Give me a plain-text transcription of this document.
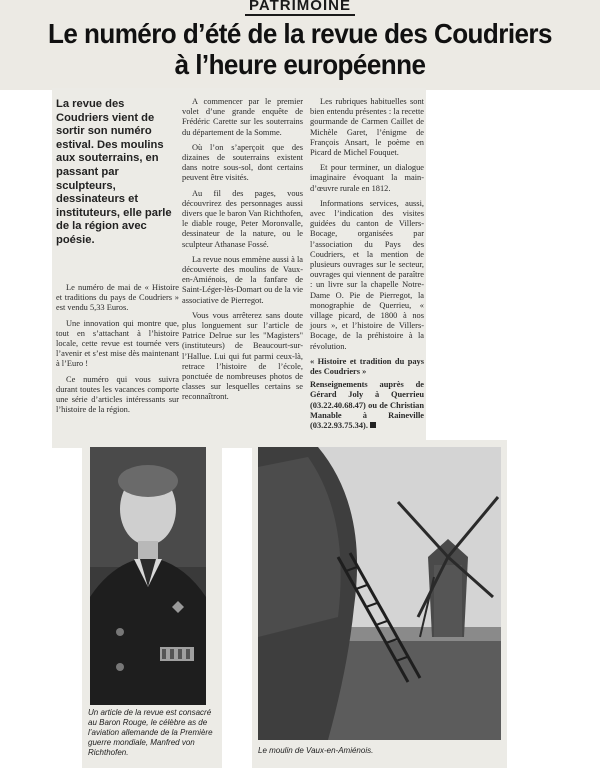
PATRIMOINE
Le numéro d’été de la revue des Coudriers
à l’heure européenne
La revue des Coudriers vient de sortir son numéro estival. Des moulins aux souterrains, en passant par sculpteurs, dessinateurs et instituteurs, elle parle de la région avec poésie.

Le numéro de mai de « Histoire et traditions du pays de Coudriers » est vendu 5,33 Euros.

Une innovation qui montre que, tout en s’attachant à l’histoire locale, cette revue est tournée vers l’avenir et s’est mise dès maintenant à l’Euro !

Ce numéro qui vous suivra durant toutes les vacances comporte une série d’articles intéressants sur l’histoire de la région.

A commencer par le premier volet d’une grande enquête de Frédéric Carette sur les souterrains du département de la Somme.

Où l’on s’aperçoit que des dizaines de souterrains existent dans notre sous-sol, dont certains peuvent être visités.

Au fil des pages, vous découvrirez des personnages aussi divers que le baron Van Richthofen, le diable rouge, Peter Moronvalle, dessinateur de la nature, ou le sculpteur Athanase Fossé.

La revue nous emmène aussi à la découverte des moulins de Vaux-en-Amiénois, de la fanfare de Saint-Léger-lès-Domart ou de la vie associative de Pierregot.

Vous vous arrêterez sans doute plus longuement sur l’article de Patrice Delrue sur les "Magisters" (instituteurs) de Beaucourt-sur-l’Hallue. Lui qui fut parmi ceux-là, retrace l’histoire de l’école, ponctuée de nombreuses photos de classes sur lesquelles certains se reconnaîtront.

Les rubriques habituelles sont bien entendu présentes : la recette gourmande de Carmen Caillet de Michèle Garet, l’énigme de François Ansart, le poème en Picard de Michel Fouquet.

Et pour terminer, un dialogue imaginaire évoquant la main-d’œuvre rurale en 1812.

Informations services, aussi, avec l’indication des visites guidées du canton de Villers-Bocage, organisées par l’association du Pays des Coudriers, et la mention de plusieurs ouvrages sur le secteur, ouvrages qui viennent de paraître : un livre sur la chapelle Notre-Dame O. Pie de Pierregot, la monographie de Querrieu, « village picard, de 1800 à nos jours », et l’histoire de Villers-Bocage, de la préhistoire à la révolution.

« Histoire et tradition du pays des Coudriers »

Renseignements auprès de Gérard Joly à Querrieu (03.22.40.68.47) ou de Christian Manable à Raineville (03.22.93.75.34).

Un article de la revue est consacré au Baron Rouge, le célèbre as de l’aviation allemande de la Première guerre mondiale, Manfred von Richthofen.	Le moulin de Vaux-en-Amiénois.
